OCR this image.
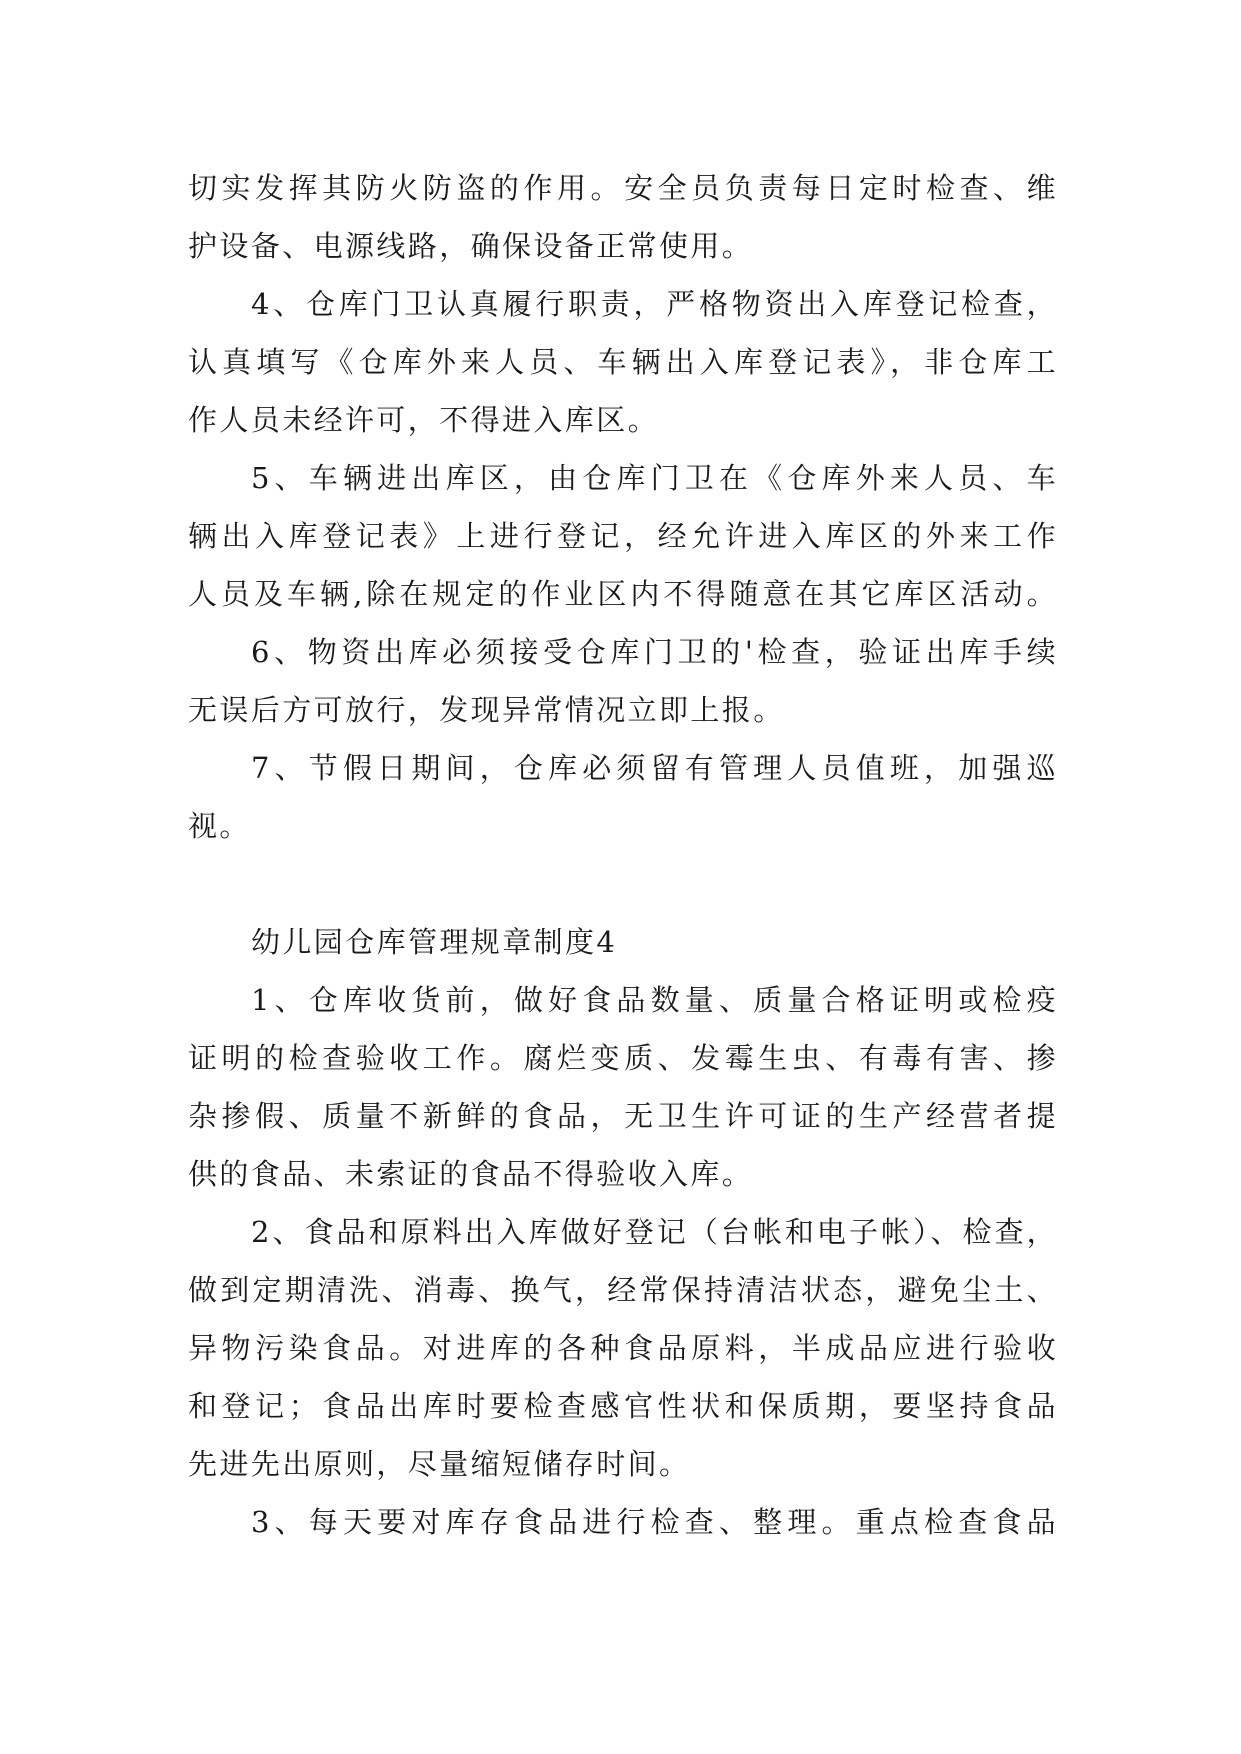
切实发挥其防火防盗的作用。安全员负责每日定时检查、维
护设备、电源线路，确保设备正常使用。
4、仓库门卫认真履行职责，严格物资出入库登记检查，
认真填写《仓库外来人员、车辆出入库登记表》，非仓库工
作人员未经许可，不得进入库区。
5、车辆进出库区，由仓库门卫在《仓库外来人员、车
辆出入库登记表》上进行登记，经允许进入库区的外来工作
人员及车辆,除在规定的作业区内不得随意在其它库区活动。
6、物资出库必须接受仓库门卫的'检查，验证出库手续
无误后方可放行，发现异常情况立即上报。
7、节假日期间，仓库必须留有管理人员值班，加强巡
视。
幼儿园仓库管理规章制度4
1、仓库收货前，做好食品数量、质量合格证明或检疫
证明的检查验收工作。腐烂变质、发霉生虫、有毒有害、掺
杂掺假、质量不新鲜的食品，无卫生许可证的生产经营者提
供的食品、未索证的食品不得验收入库。
2、食品和原料出入库做好登记（台帐和电子帐）、检查，
做到定期清洗、消毒、换气，经常保持清洁状态，避免尘土、
异物污染食品。对进库的各种食品原料，半成品应进行验收
和登记；食品出库时要检查感官性状和保质期，要坚持食品
先进先出原则，尽量缩短储存时间。
3、每天要对库存食品进行检查、整理。重点检查食品
